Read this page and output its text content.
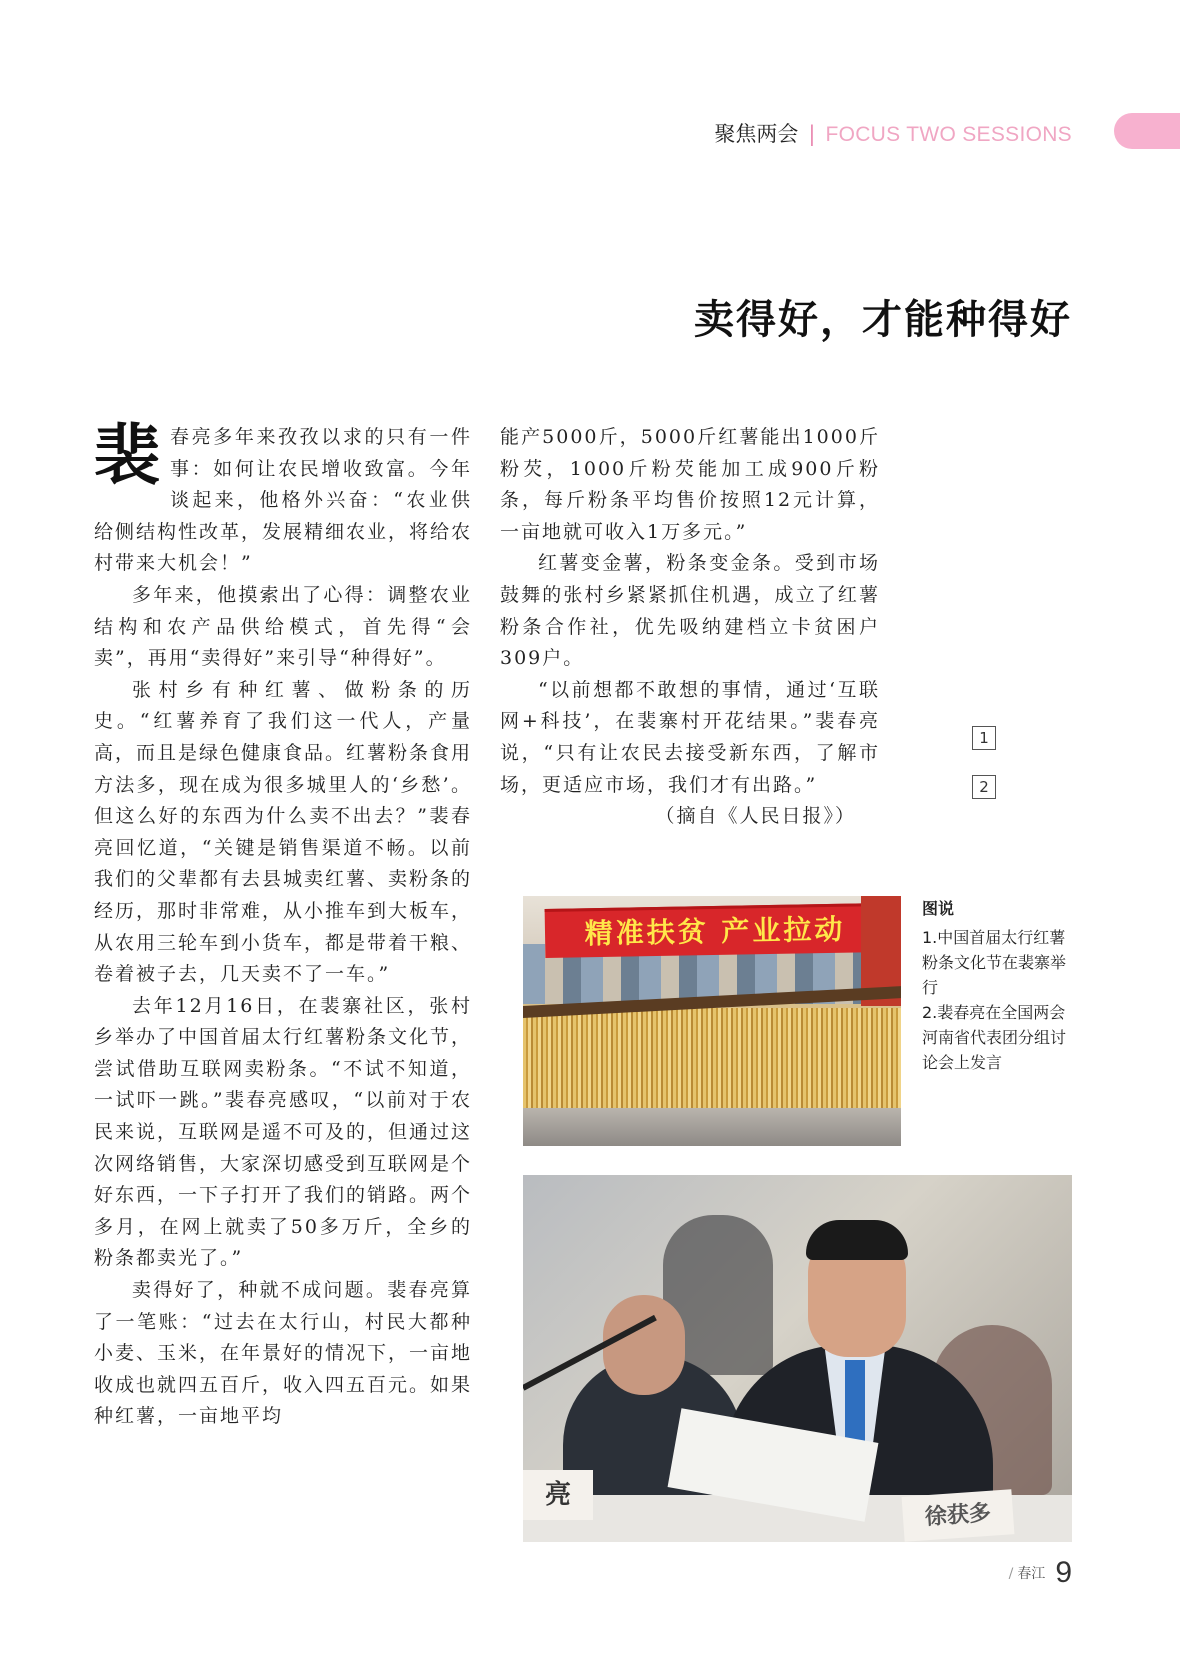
聚焦两会 | FOCUS TWO SESSIONS
卖得好，才能种得好

裴春亮多年来孜孜以求的只有一件事：如何让农民增收致富。今年谈起来，他格外兴奋：“农业供给侧结构性改革，发展精细农业，将给农村带来大机会！”

多年来，他摸索出了心得：调整农业结构和农产品供给模式，首先得“会卖”，再用“卖得好”来引导“种得好”。

张村乡有种红薯、做粉条的历史。“红薯养育了我们这一代人，产量高，而且是绿色健康食品。红薯粉条食用方法多，现在成为很多城里人的‘乡愁’。但这么好的东西为什么卖不出去？”裴春亮回忆道，“关键是销售渠道不畅。以前我们的父辈都有去县城卖红薯、卖粉条的经历，那时非常难，从小推车到大板车，从农用三轮车到小货车，都是带着干粮、卷着被子去，几天卖不了一车。”

去年12月16日，在裴寨社区，张村乡举办了中国首届太行红薯粉条文化节，尝试借助互联网卖粉条。“不试不知道，一试吓一跳。”裴春亮感叹，“以前对于农民来说，互联网是遥不可及的，但通过这次网络销售，大家深切感受到互联网是个好东西，一下子打开了我们的销路。两个多月，在网上就卖了50多万斤，全乡的粉条都卖光了。”

卖得好了，种就不成问题。裴春亮算了一笔账：“过去在太行山，村民大都种小麦、玉米，在年景好的情况下，一亩地收成也就四五百斤，收入四五百元。如果种红薯，一亩地平均

能产5000斤，5000斤红薯能出1000斤粉芡，1000斤粉芡能加工成900斤粉条，每斤粉条平均售价按照12元计算，一亩地就可收入1万多元。”

红薯变金薯，粉条变金条。受到市场鼓舞的张村乡紧紧抓住机遇，成立了红薯粉条合作社，优先吸纳建档立卡贫困户309户。

“以前想都不敢想的事情，通过‘互联网+科技’，在裴寨村开花结果。”裴春亮说，“只有让农民去接受新东西，了解市场，更适应市场，我们才有出路。”

（摘自《人民日报》）

1
2
图说

1.中国首届太行红薯粉条文化节在裴寨举行

2.裴春亮在全国两会河南省代表团分组讨论会上发言

精准扶贫 产业拉动
亮
徐获多
/ 春江 9
